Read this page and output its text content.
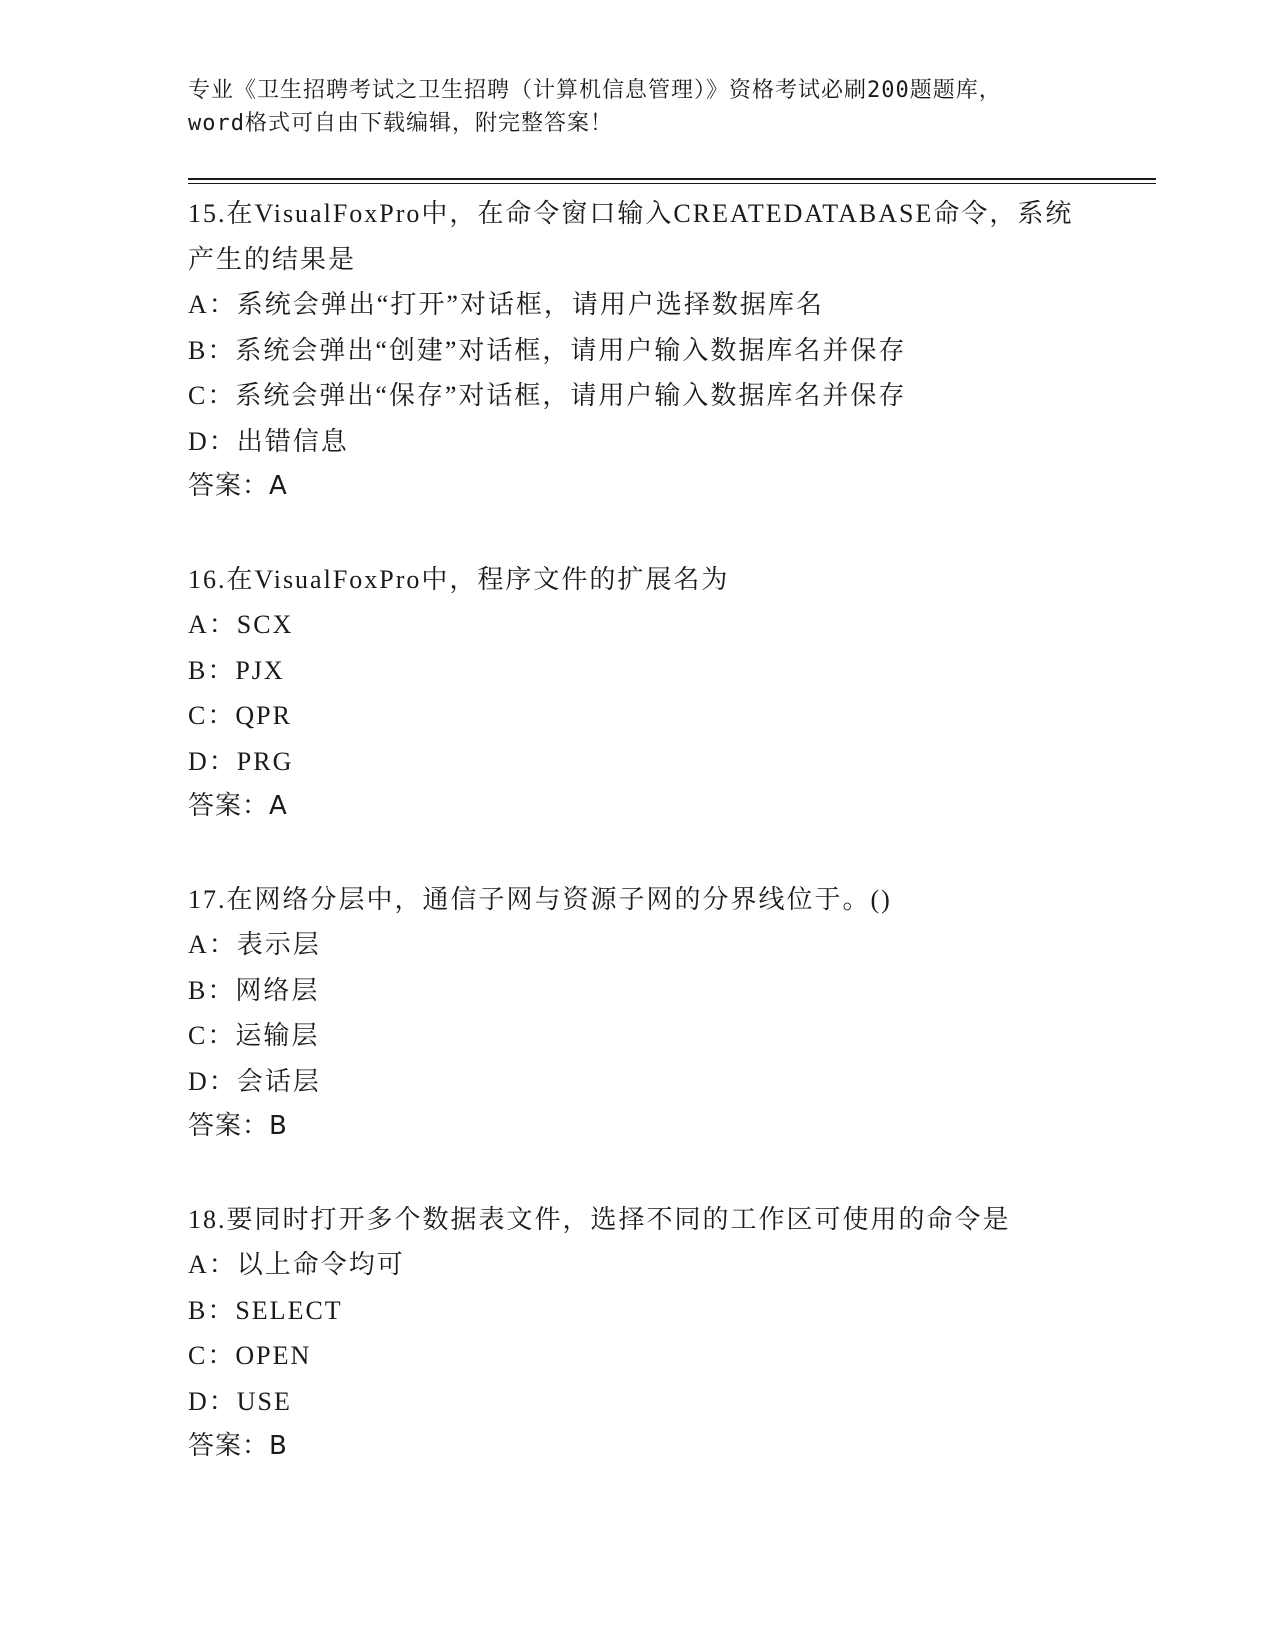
专业《卫生招聘考试之卫生招聘（计算机信息管理）》资格考试必刷200题题库，
word格式可自由下载编辑，附完整答案！
15.在VisualFoxPro中，在命令窗口输入CREATEDATABASE命令，系统
产生的结果是
A：系统会弹出“打开”对话框，请用户选择数据库名
B：系统会弹出“创建”对话框，请用户输入数据库名并保存
C：系统会弹出“保存”对话框，请用户输入数据库名并保存
D：出错信息
答案：A
16.在VisualFoxPro中，程序文件的扩展名为
A：SCX
B：PJX
C：QPR
D：PRG
答案：A
17.在网络分层中，通信子网与资源子网的分界线位于。()
A：表示层
B：网络层
C：运输层
D：会话层
答案：B
18.要同时打开多个数据表文件，选择不同的工作区可使用的命令是
A：以上命令均可
B：SELECT
C：OPEN
D：USE
答案：B
